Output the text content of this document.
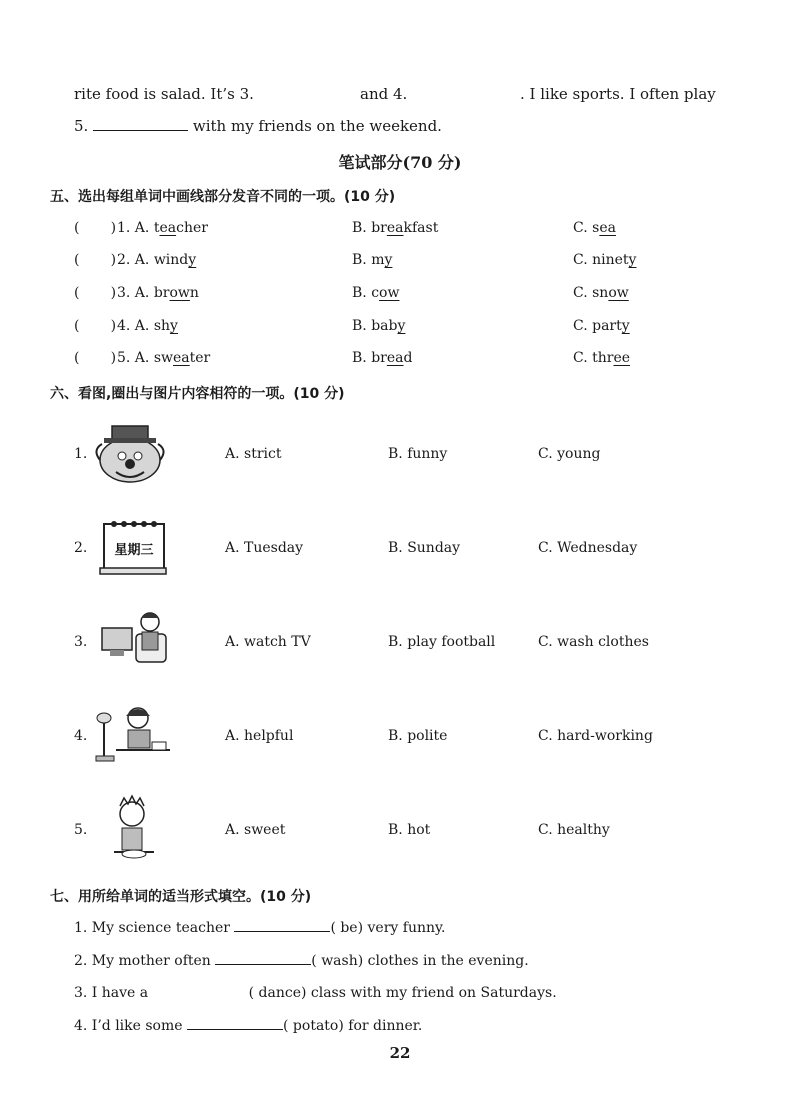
rite food is salad. It’s 3.	and 4.	. I like sports. I often play
5.	with my friends on the weekend.
笔试部分(70 分)
五、选出每组单词中画线部分发音不同的一项。(10 分)
(       ) 1. A. teacher	B. breakfast	C. sea
(       ) 2. A. windy	B. my	C. ninety
(       ) 3. A. brown	B. cow	C. snow
(       ) 4. A. shy	B. baby	C. party
(       ) 5. A. sweater	B. bread	C. three
六、看图,圈出与图片内容相符的一项。(10 分)
星期三
1.	A. strict	B. funny	C. young
2.	A. Tuesday	B. Sunday	C. Wednesday
3.	A. watch TV	B. play football	C. wash clothes
4.	A. helpful	B. polite	C. hard-working
5.	A. sweet	B. hot	C. healthy
七、用所给单词的适当形式填空。(10 分)
1. My science teacher	( be) very funny.
2. My mother often	( wash) clothes in the evening.
3. I have a	( dance) class with my friend on Saturdays.
4. I’d like some	( potato) for dinner.
22
